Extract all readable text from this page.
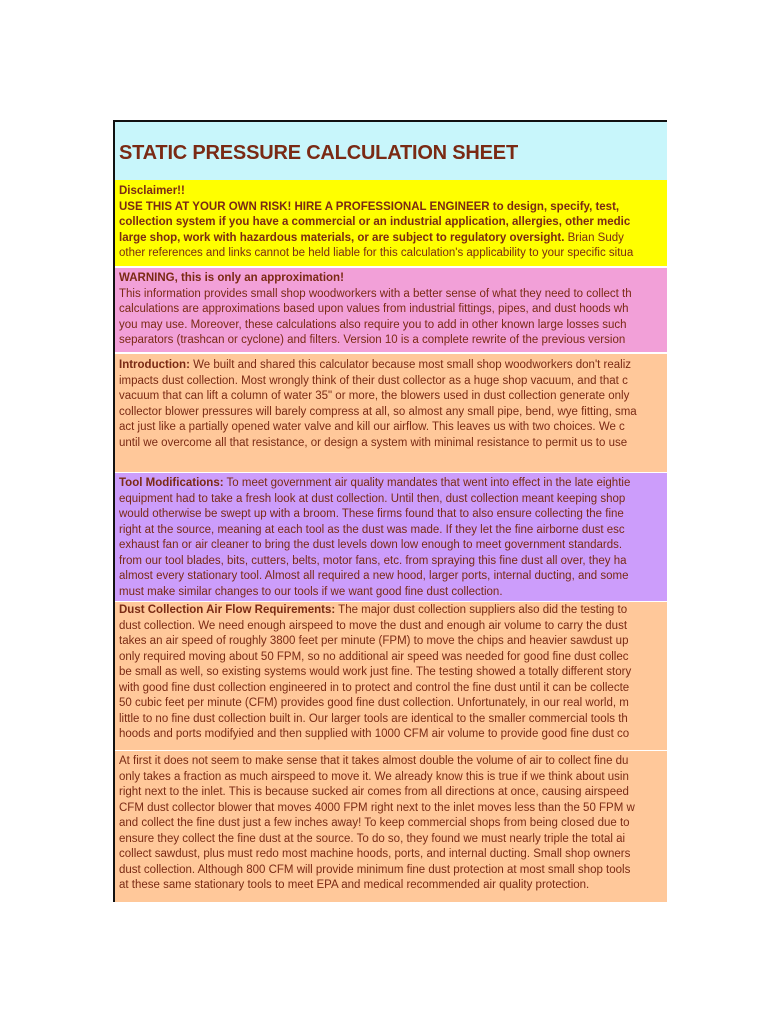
STATIC PRESSURE CALCULATION SHEET
Disclaimer!!
USE THIS AT YOUR OWN RISK! HIRE A PROFESSIONAL ENGINEER to design, specify, test,
collection system if you have a commercial or an industrial application, allergies, other medic
large shop, work with hazardous materials, or are subject to regulatory oversight. Brian Sudy
other references and links cannot be held liable for this calculation's applicability to your specific situa
WARNING, this is only an approximation!
This information provides small shop woodworkers with a better sense of what they need to collect th
calculations are approximations based upon values from industrial fittings, pipes, and dust hoods wh
you may use. Moreover, these calculations also require you to add in other known large losses such
separators (trashcan or cyclone) and filters. Version 10 is a complete rewrite of the previous version
Introduction: We built and shared this calculator because most small shop woodworkers don't realiz
impacts dust collection. Most wrongly think of their dust collector as a huge shop vacuum, and that c
vacuum that can lift a column of water 35" or more, the blowers used in dust collection generate only
collector blower pressures will barely compress at all, so almost any small pipe, bend, wye fitting, sma
act just like a partially opened water valve and kill our airflow. This leaves us with two choices. We c
until we overcome all that resistance, or design a system with minimal resistance to permit us to use
Tool Modifications: To meet government air quality mandates that went into effect in the late eightie
equipment had to take a fresh look at dust collection. Until then, dust collection meant keeping shop
would otherwise be swept up with a broom. These firms found that to also ensure collecting the fine
right at the source, meaning at each tool as the dust was made. If they let the fine airborne dust esc
exhaust fan or air cleaner to bring the dust levels down low enough to meet government standards.
from our tool blades, bits, cutters, belts, motor fans, etc. from spraying this fine dust all over, they ha
almost every stationary tool. Almost all required a new hood, larger ports, internal ducting, and some
must make similar changes to our tools if we want good fine dust collection.
Dust Collection Air Flow Requirements: The major dust collection suppliers also did the testing to
dust collection. We need enough airspeed to move the dust and enough air volume to carry the dust
takes an air speed of roughly 3800 feet per minute (FPM) to move the chips and heavier sawdust up
only required moving about 50 FPM, so no additional air speed was needed for good fine dust collec
be small as well, so existing systems would work just fine. The testing showed a totally different story
with good fine dust collection engineered in to protect and control the fine dust until it can be collecte
50 cubic feet per minute (CFM) provides good fine dust collection. Unfortunately, in our real world, m
little to no fine dust collection built in. Our larger tools are identical to the smaller commercial tools th
hoods and ports modifyied and then supplied with 1000 CFM air volume to provide good fine dust co
At first it does not seem to make sense that it takes almost double the volume of air to collect fine du
only takes a fraction as much airspeed to move it. We already know this is true if we think about usin
right next to the inlet. This is because sucked air comes from all directions at once, causing airspeed
CFM dust collector blower that moves 4000 FPM right next to the inlet moves less than the 50 FPM w
and collect the fine dust just a few inches away! To keep commercial shops from being closed due to
ensure they collect the fine dust at the source. To do so, they found we must nearly triple the total ai
collect sawdust, plus must redo most machine hoods, ports, and internal ducting. Small shop owners
dust collection. Although 800 CFM will provide minimum fine dust protection at most small shop tools
at these same stationary tools to meet EPA and medical recommended air quality protection.
